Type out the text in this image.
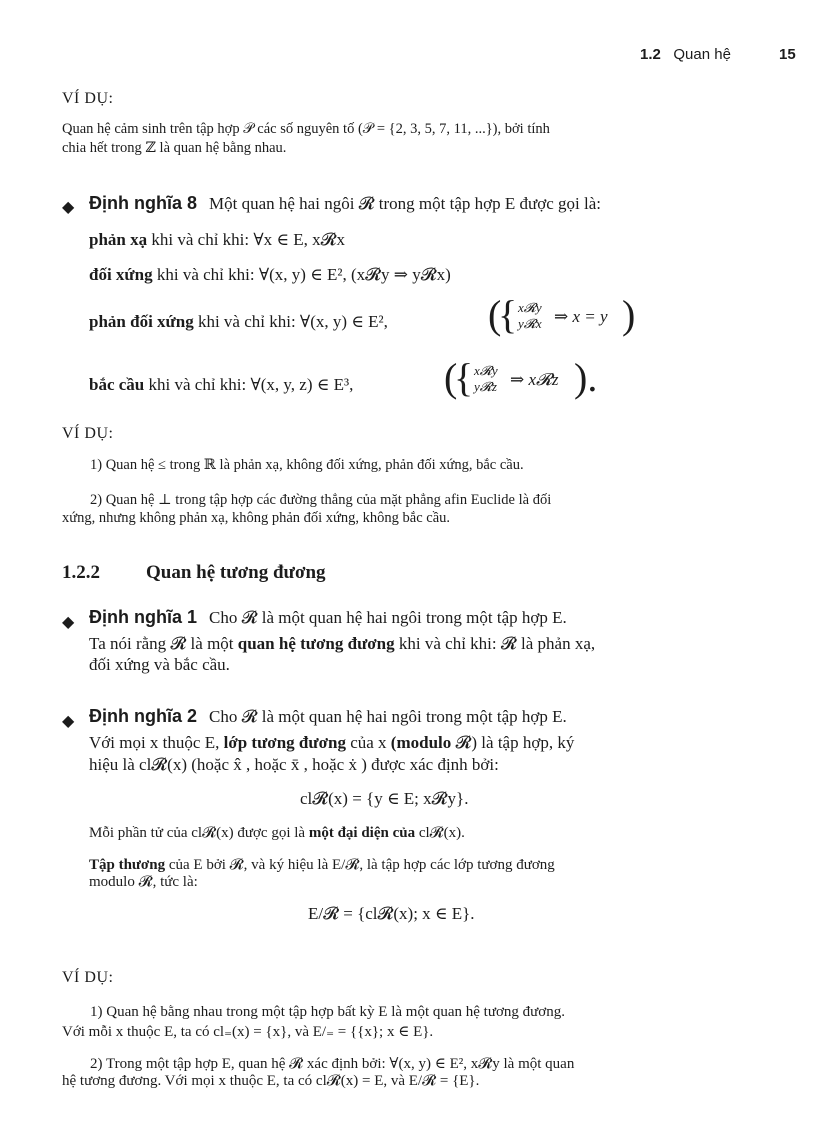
1.2 Quan hệ	15
VÍ DỤ:
Quan hệ cảm sinh trên tập hợp 𝒫 các số nguyên tố (𝒫 = {2, 3, 5, 7, 11, ...}), bởi tính
chia hết trong ℤ là quan hệ bằng nhau.
◆ Định nghĩa 8 Một quan hệ hai ngôi 𝓡 trong một tập hợp E được gọi là:
phản xạ khi và chỉ khi: ∀x ∈ E, x𝓡x
đối xứng khi và chỉ khi: ∀(x, y) ∈ E², (x𝓡y ⇒ y𝓡x)
phản đối xứng khi và chỉ khi: ∀(x, y) ∈ E²,	(
{ x𝓡y
y𝓡x ⇒ x = y )
bắc cầu khi và chỉ khi: ∀(x, y, z) ∈ E³, (
{ x𝓡y
y𝓡z ⇒ x𝓡z ).
VÍ DỤ:
1) Quan hệ ≤ trong ℝ là phản xạ, không đối xứng, phản đối xứng, bắc cầu.
2) Quan hệ ⊥ trong tập hợp các đường thẳng của mặt phẳng afin Euclide là đối
xứng, nhưng không phản xạ, không phản đối xứng, không bắc cầu.
1.2.2 Quan hệ tương đương
◆ Định nghĩa 1 Cho 𝓡 là một quan hệ hai ngôi trong một tập hợp E.
Ta nói rằng 𝓡 là một quan hệ tương đương khi và chỉ khi: 𝓡 là phản xạ,
đối xứng và bắc cầu.
◆ Định nghĩa 2 Cho 𝓡 là một quan hệ hai ngôi trong một tập hợp E.
Với mọi x thuộc E, lớp tương đương của x (modulo 𝓡) là tập hợp, ký
hiệu là cl𝓡(x) (hoặc x̂ , hoặc x̄ , hoặc ẋ ) được xác định bởi:
cl𝓡(x) = {y ∈ E; x𝓡y}.
Mỗi phần tử của cl𝓡(x) được gọi là một đại diện của cl𝓡(x).
Tập thương của E bởi 𝓡, và ký hiệu là E/𝓡, là tập hợp các lớp tương đương
modulo 𝓡, tức là:
E/𝓡 = {cl𝓡(x); x ∈ E}.
VÍ DỤ:
1) Quan hệ bằng nhau trong một tập hợp bất kỳ E là một quan hệ tương đương.
Với mỗi x thuộc E, ta có cl₌(x) = {x}, và E/₌ = {{x}; x ∈ E}.
2) Trong một tập hợp E, quan hệ 𝓡 xác định bởi: ∀(x, y) ∈ E², x𝓡y là một quan
hệ tương đương. Với mọi x thuộc E, ta có cl𝓡(x) = E, và E/𝓡 = {E}.
